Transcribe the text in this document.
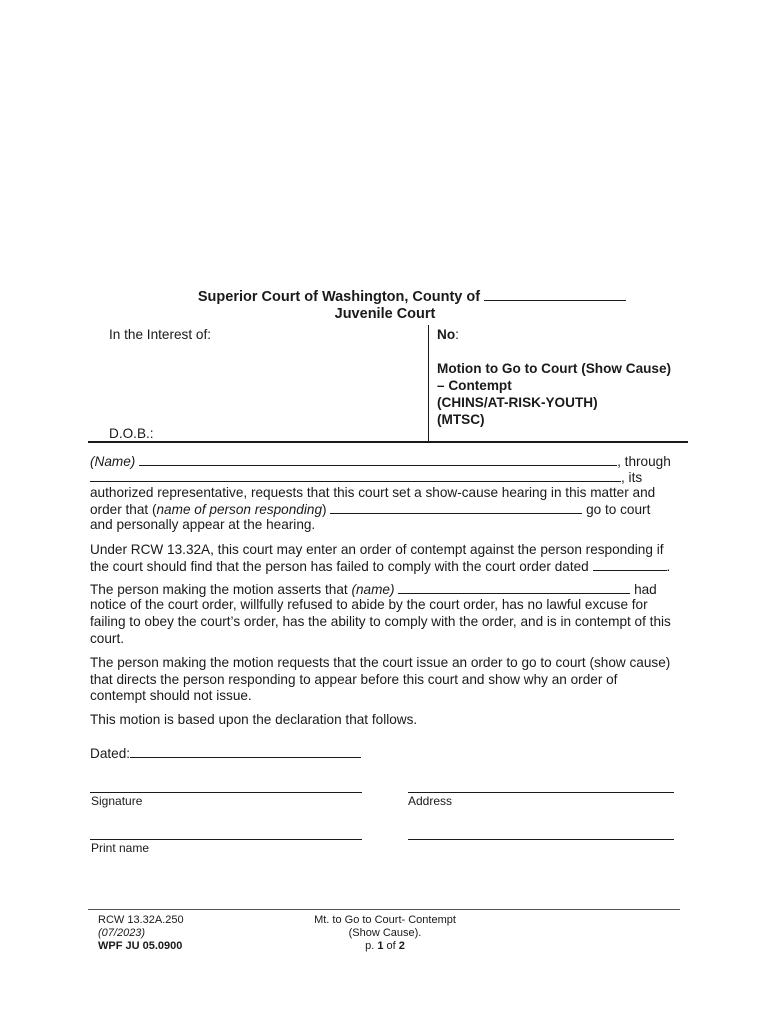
Superior Court of Washington, County of
Juvenile Court
In the Interest of:
D.O.B.:
No:
Motion to Go to Court (Show Cause)
– Contempt
(CHINS/AT-RISK-YOUTH)
(MTSC)
(Name)	, through
, its
authorized representative, requests that this court set a show-cause hearing in this matter and
order that (name of person responding)	go to court
and personally appear at the hearing.
Under RCW 13.32A, this court may enter an order of contempt against the person responding if
the court should find that the person has failed to comply with the court order dated	.
The person making the motion asserts that (name)	had
notice of the court order, willfully refused to abide by the court order, has no lawful excuse for
failing to obey the court’s order, has the ability to comply with the order, and is in contempt of this
court.
The person making the motion requests that the court issue an order to go to court (show cause)
that directs the person responding to appear before this court and show why an order of
contempt should not issue.
This motion is based upon the declaration that follows.
Dated:
Signature	Address
Print name
RCW 13.32A.250
(07/2023)
WPF JU 05.0900
Mt. to Go to Court- Contempt
(Show Cause).
p. 1 of 2
